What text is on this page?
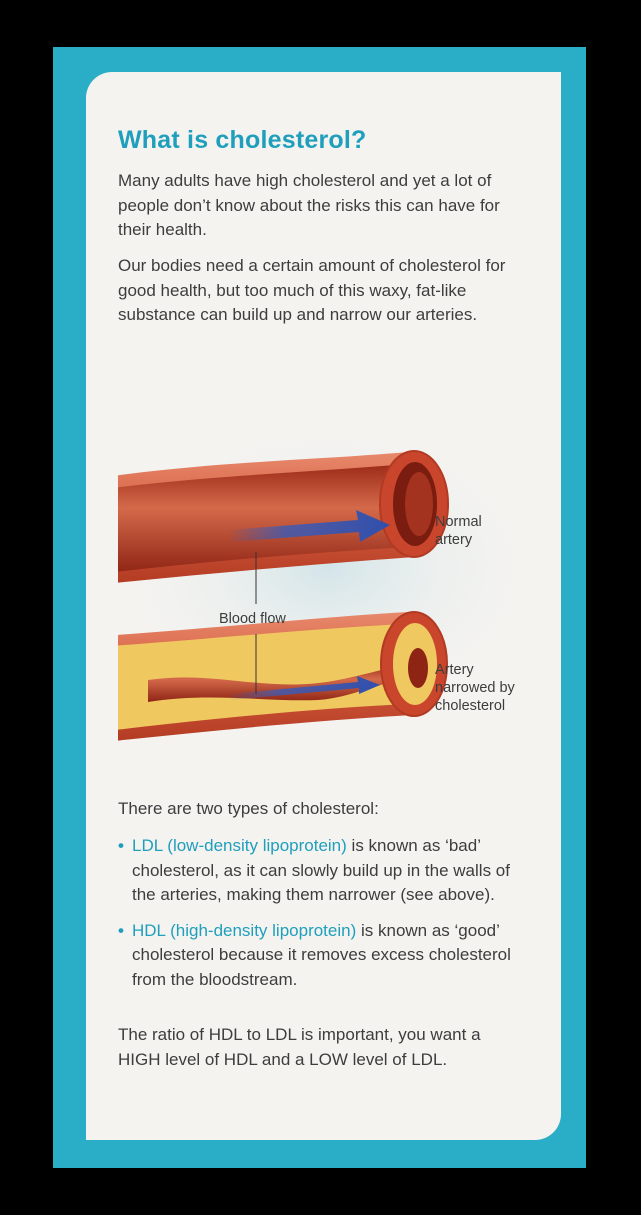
What is cholesterol?

Many adults have high cholesterol and yet a lot of people don’t know about the risks this can have for their health.

Our bodies need a certain amount of cholesterol for good health, but too much of this waxy, fat-like substance can build up and narrow our arteries.

Normal
artery
Blood flow
Artery
narrowed by
cholesterol

There are two types of cholesterol:

• LDL (low-density lipoprotein) is known as ‘bad’ cholesterol, as it can slowly build up in the walls of the arteries, making them narrower (see above).
• HDL (high-density lipoprotein) is known as ‘good’ cholesterol because it removes excess cholesterol from the bloodstream.

The ratio of HDL to LDL is important, you want a HIGH level of HDL and a LOW level of LDL.
